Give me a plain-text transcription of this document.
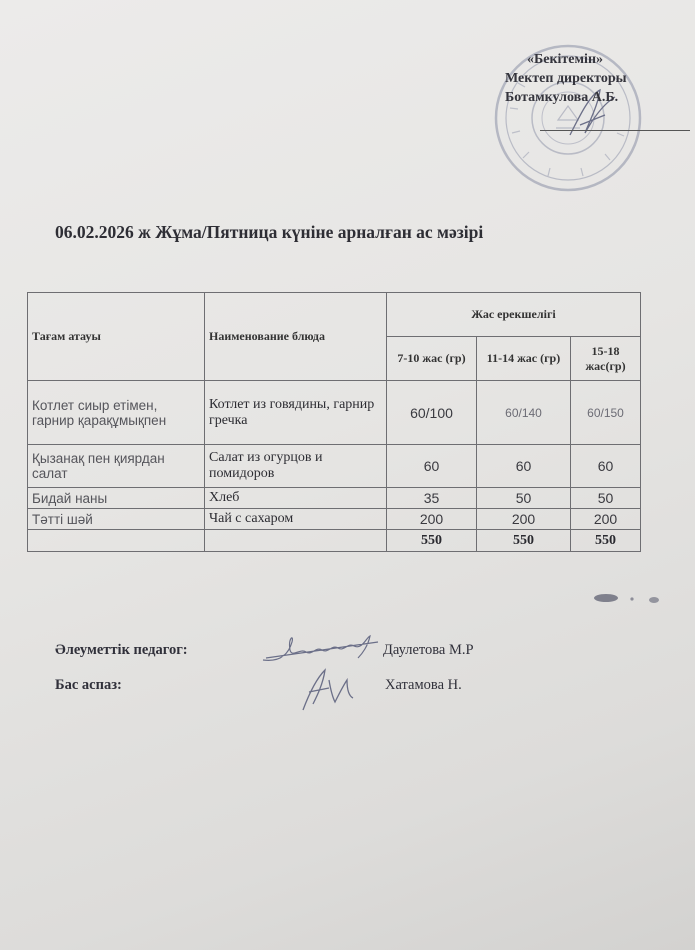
«Бекітемін»
Мектеп директоры
Ботамкулова А.Б.
06.02.2026 ж Жұма/Пятница күніне арналған ас мәзірі
Тағам атауы	Наименование блюда	Жас ерекшелігі		
		7-10 жас (гр)	11-14 жас (гр)	15-18 жас(гр)
Котлет сиыр етімен, гарнир қарақұмықпен	Котлет из говядины, гарнир гречка	60/100	60/140	60/150
Қызанақ пен қиярдан салат	Салат из огурцов и помидоров	60	60	60
Бидай наны	Хлеб	35	50	50
Тәтті шәй	Чай с сахаром	200	200	200
		550	550	550
Әлеуметтік педагог:	Даулетова М.Р
Бас аспаз:	Хатамова Н.
